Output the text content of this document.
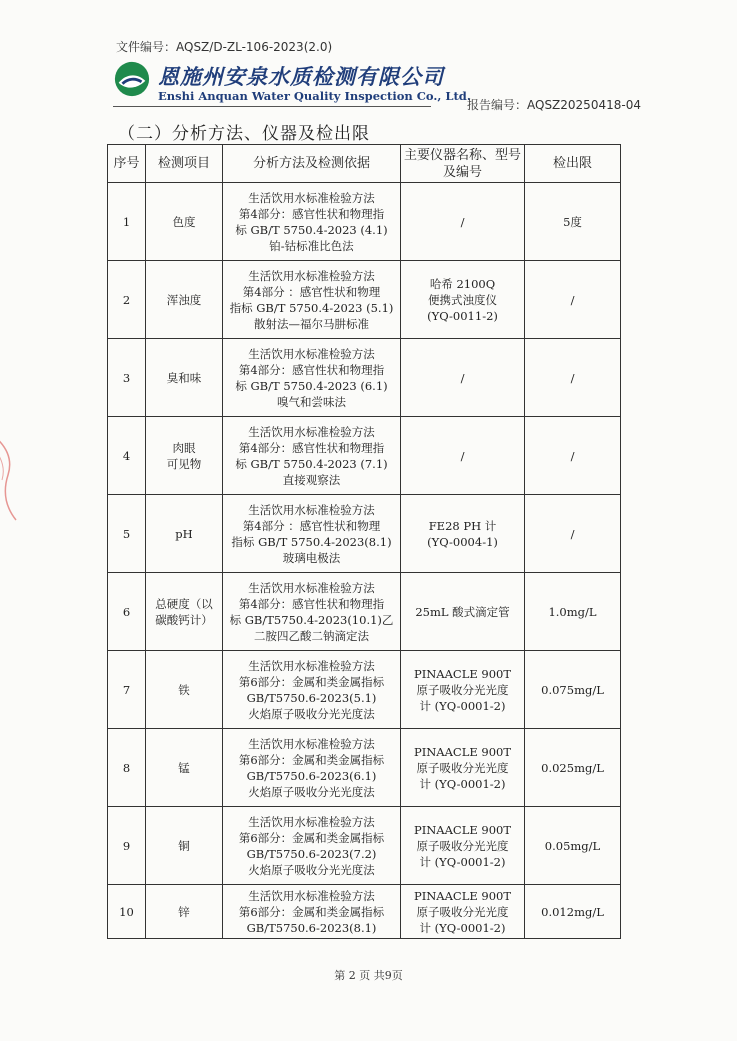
文件编号：AQSZ/D-ZL-106-2023(2.0)
恩施州安泉水质检测有限公司
Enshi Anquan Water Quality Inspection Co., Ltd.
报告编号：AQSZ20250418-04
（二）分析方法、仪器及检出限
序号	检测项目	分析方法及检测依据	主要仪器名称、型号及编号	检出限
1	色度	生活饮用水标准检验方法
第4部分：感官性状和物理指
标 GB/T 5750.4-2023 (4.1)
铂-钴标准比色法	/	5度
2	浑浊度	生活饮用水标准检验方法
第4部分 ：感官性状和物理
指标 GB/T 5750.4-2023 (5.1)
散射法—福尔马肼标准	哈希 2100Q
便携式浊度仪
(YQ-0011-2)	/
3	臭和味	生活饮用水标准检验方法
第4部分：感官性状和物理指
标 GB/T 5750.4-2023 (6.1)
嗅气和尝味法	/	/
4	肉眼
可见物	生活饮用水标准检验方法
第4部分：感官性状和物理指
标 GB/T 5750.4-2023 (7.1)
直接观察法	/	/
5	pH	生活饮用水标准检验方法
第4部分 ：感官性状和物理
指标 GB/T 5750.4-2023(8.1)
玻璃电极法	FE28 PH 计
(YQ-0004-1)	/
6	总硬度（以
碳酸钙计）	生活饮用水标准检验方法
第4部分：感官性状和物理指
标 GB/T5750.4-2023(10.1)乙
二胺四乙酸二钠滴定法	25mL 酸式滴定管	1.0mg/L
7	铁	生活饮用水标准检验方法
第6部分：金属和类金属指标
GB/T5750.6-2023(5.1)
火焰原子吸收分光光度法	PINAACLE 900T
原子吸收分光光度
计 (YQ-0001-2)	0.075mg/L
8	锰	生活饮用水标准检验方法
第6部分：金属和类金属指标
GB/T5750.6-2023(6.1)
火焰原子吸收分光光度法	PINAACLE 900T
原子吸收分光光度
计 (YQ-0001-2)	0.025mg/L
9	铜	生活饮用水标准检验方法
第6部分：金属和类金属指标
GB/T5750.6-2023(7.2)
火焰原子吸收分光光度法	PINAACLE 900T
原子吸收分光光度
计 (YQ-0001-2)	0.05mg/L
10	锌	生活饮用水标准检验方法
第6部分：金属和类金属指标
GB/T5750.6-2023(8.1)	PINAACLE 900T
原子吸收分光光度
计 (YQ-0001-2)	0.012mg/L
第 2 页 共9页
